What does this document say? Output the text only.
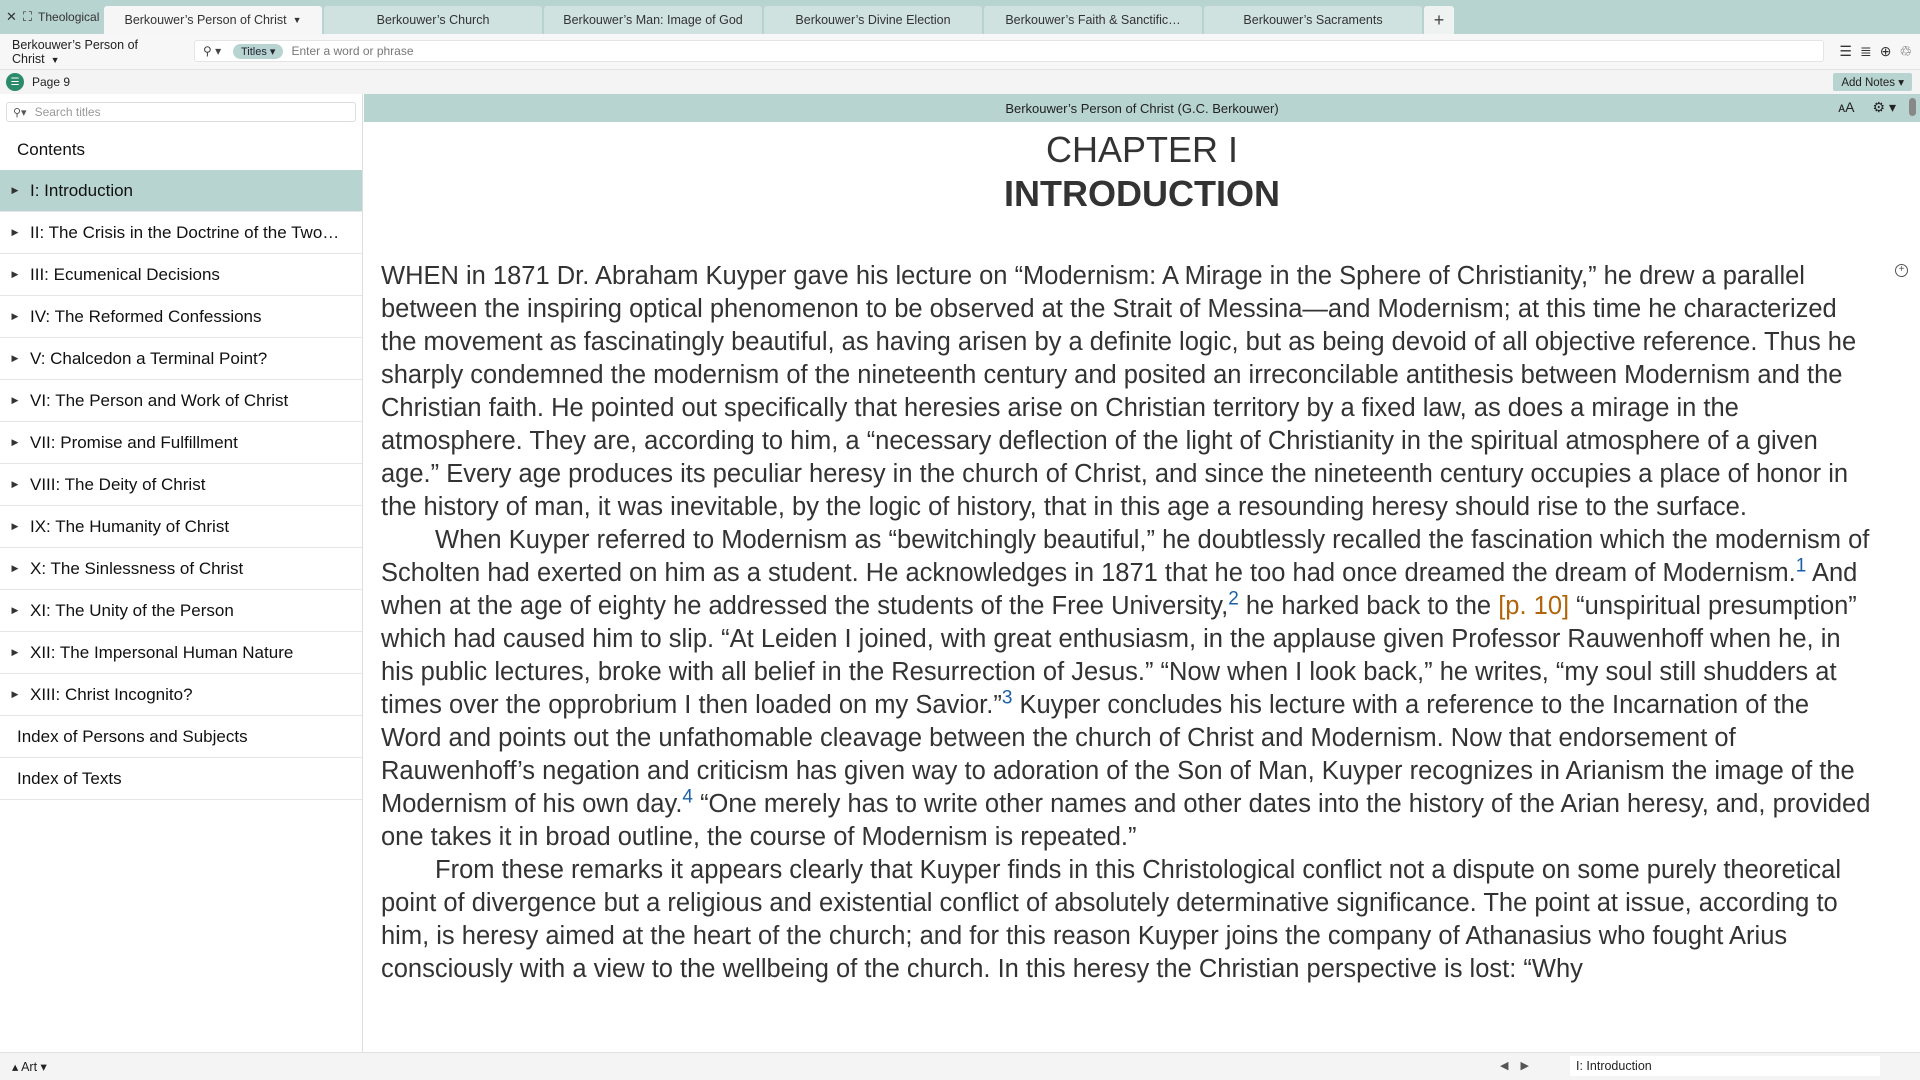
✕ ⛶ Theological Berkouwer’s Person of Christ ▼	Berkouwer’s Church	Berkouwer’s Man: Image of God	Berkouwer’s Divine Election	Berkouwer’s Faith & Sanctific…	Berkouwer’s Sacraments	+
Berkouwer’s Person of Christ ▼
⚲ ▾	Titles ▾	Enter a word or phrase	☰ ≣ ⊕ ♲
☰	Page 9	Add Notes ▾
⚲▾ Search titles
Contents
▶ I: Introduction
▶ II: The Crisis in the Doctrine of the Two…
▶ III: Ecumenical Decisions
▶ IV: The Reformed Confessions
▶ V: Chalcedon a Terminal Point?
▶ VI: The Person and Work of Christ
▶ VII: Promise and Fulfillment
▶ VIII: The Deity of Christ
▶ IX: The Humanity of Christ
▶ X: The Sinlessness of Christ
▶ XI: The Unity of the Person
▶ XII: The Impersonal Human Nature
▶ XIII: Christ Incognito?
Index of Persons and Subjects
Index of Texts
Berkouwer’s Person of Christ (G.C. Berkouwer)	ᴀA ⚙ ▾
CHAPTER I
INTRODUCTION

WHEN in 1871 Dr. Abraham Kuyper gave his lecture on “Modernism: A Mirage in the Sphere of Christianity,” he drew a parallel between the inspiring optical phenomenon to be observed at the Strait of Messina—and Modernism; at this time he characterized the movement as fascinatingly beautiful, as having arisen by a definite logic, but as being devoid of all objective reference. Thus he sharply condemned the modernism of the nineteenth century and posited an irreconcilable antithesis between Modernism and the Christian faith. He pointed out specifically that heresies arise on Christian territory by a fixed law, as does a mirage in the atmosphere. They are, according to him, a “necessary deflection of the light of Christianity in the spiritual atmosphere of a given age.” Every age produces its peculiar heresy in the church of Christ, and since the nineteenth century occupies a place of honor in the history of man, it was inevitable, by the logic of history, that in this age a resounding heresy should rise to the surface.

When Kuyper referred to Modernism as “bewitchingly beautiful,” he doubtlessly recalled the fascination which the modernism of Scholten had exerted on him as a student. He acknowledges in 1871 that he too had once dreamed the dream of Modernism.$^1$ And when at the age of eighty he addressed the students of the Free University,$^2$ he harked back to the [p. 10] “unspiritual presumption” which had caused him to slip. “At Leiden I joined, with great enthusiasm, in the applause given Professor Rauwenhoff when he, in his public lectures, broke with all belief in the Resurrection of Jesus.” “Now when I look back,” he writes, “my soul still shudders at times over the opprobrium I then loaded on my Savior.”$^3$ Kuyper concludes his lecture with a reference to the Incarnation of the Word and points out the unfathomable cleavage between the church of Christ and Modernism. Now that endorsement of Rauwenhoff’s negation and criticism has given way to adoration of the Son of Man, Kuyper recognizes in Arianism the image of the Modernism of his own day.$^4$ “One merely has to write other names and other dates into the history of the Arian heresy, and, provided one takes it in broad outline, the course of Modernism is repeated.”

From these remarks it appears clearly that Kuyper finds in this Christological conflict not a dispute on some purely theoretical point of divergence but a religious and existential conflict of absolutely determinative significance. The point at issue, according to him, is heresy aimed at the heart of the church; and for this reason Kuyper joins the company of Athanasius who fought Arius consciously with a view to the wellbeing of the church. In this heresy the Christian perspective is lost: “Why

+
▴ Art ▾	◀ ▶	I: Introduction
